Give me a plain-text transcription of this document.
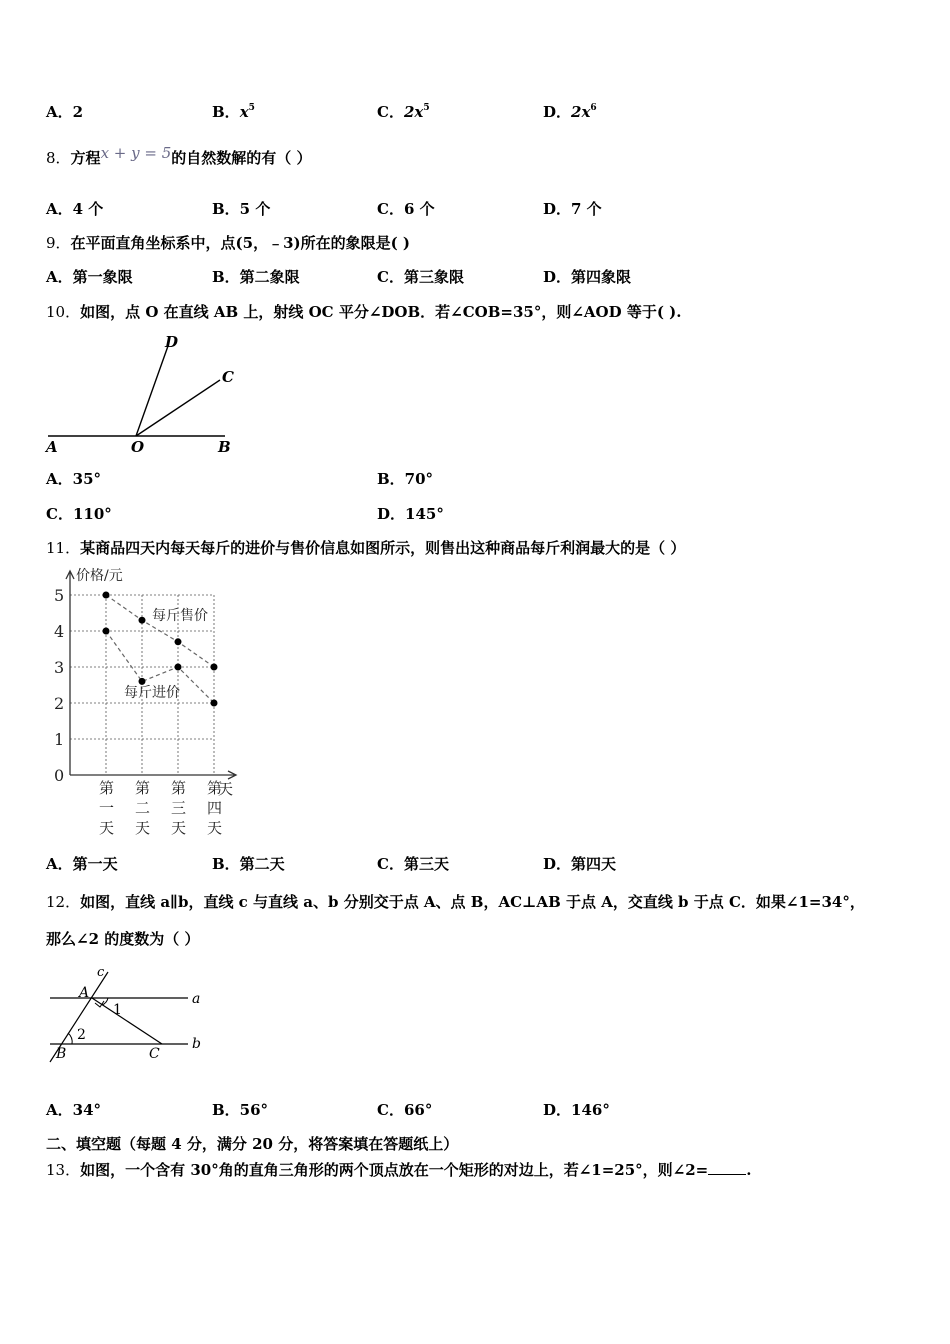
A．2	B．$x^5$	C．$2x^5$	D．$2x^6$
8．方程x + y = 5的自然数解的有（ ）
A．4 个	B．5 个	C．6 个	D．7 个
9．在平面直角坐标系中，点(5，﹣3)所在的象限是( )
A．第一象限	B．第二象限	C．第三象限	D．第四象限
10．如图，点 O 在直线 AB 上，射线 OC 平分∠DOB．若∠COB=35°，则∠AOD 等于( ).
A	O	B
C
D
A．35°	B．70°
C．110°	D．145°
11．某商品四天内每天每斤的进价与售价信息如图所示，则售出这种商品每斤利润最大的是（ ）
价格/元
天
0
1
2
3
4
5
第
一
天
第
二
天
第
三
天
第
四
天
每斤售价
每斤进价
A．第一天	B．第二天	C．第三天	D．第四天
12．如图，直线 a∥b，直线 c 与直线 a、b 分别交于点 A、点 B，AC⊥AB 于点 A，交直线 b 于点 C．如果∠1=34°，
那么∠2 的度数为（ ）
c
A
1
a
2
B	C
b
A．34°	B．56°	C．66°	D．146°
二、填空题（每题 4 分，满分 20 分，将答案填在答题纸上）
13．如图，一个含有 30°角的直角三角形的两个顶点放在一个矩形的对边上，若∠1=25°，则∠2=	.
